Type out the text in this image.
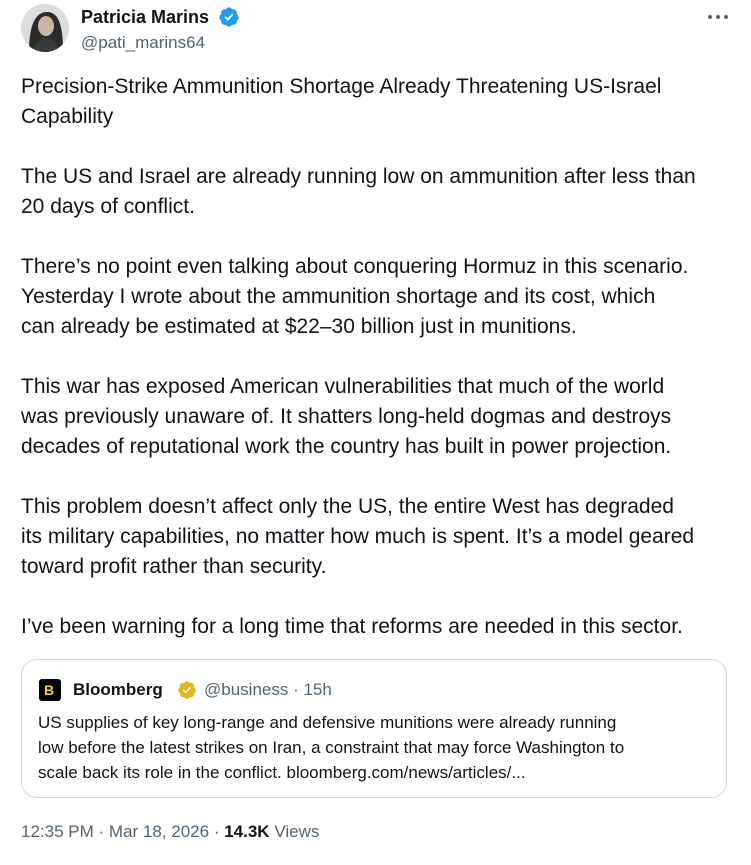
Patricia Marins
@pati_marins64

Precision-Strike Ammunition Shortage Already Threatening US-Israel
Capability

The US and Israel are already running low on ammunition after less than
20 days of conflict.

There’s no point even talking about conquering Hormuz in this scenario.
Yesterday I wrote about the ammunition shortage and its cost, which
can already be estimated at $22–30 billion just in munitions.

This war has exposed American vulnerabilities that much of the world
was previously unaware of. It shatters long-held dogmas and destroys
decades of reputational work the country has built in power projection.

This problem doesn’t affect only the US, the entire West has degraded
its military capabilities, no matter how much is spent. It’s a model geared
toward profit rather than security.

I’ve been warning for a long time that reforms are needed in this sector.

B Bloomberg @business · 15h
US supplies of key long-range and defensive munitions were already running
low before the latest strikes on Iran, a constraint that may force Washington to
scale back its role in the conflict. bloomberg.com/news/articles/...
12:35 PM · Mar 18, 2026 · 14.3K Views
